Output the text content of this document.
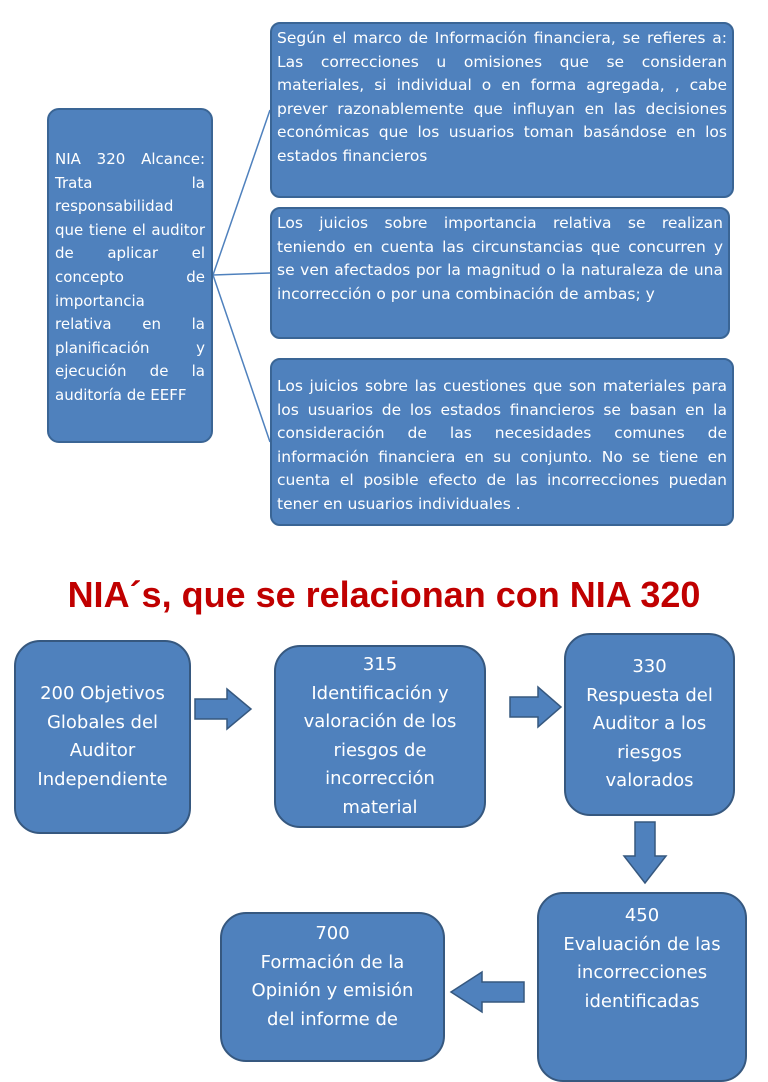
NIA 320 Alcance: Trata la responsabilidad que tiene el auditor de aplicar el concepto de importancia relativa en la planificación y ejecución de la auditoría de EEFF
Según el marco de Información financiera, se refieres a: Las correcciones u omisiones que se consideran materiales, si individual o en forma agregada, , cabe prever razonablemente que influyan en las decisiones económicas que los usuarios toman basándose en los estados financieros
Los juicios sobre importancia relativa se realizan teniendo en cuenta las circunstancias que concurren y se ven afectados por la magnitud o la naturaleza de una incorrección o por una combinación de ambas; y
Los juicios sobre las cuestiones que son materiales para los usuarios de los estados financieros se basan en la consideración de las necesidades comunes de información financiera en su conjunto. No se tiene en cuenta el posible efecto de las incorrecciones puedan tener en usuarios individuales .
NIA´s, que se relacionan con NIA 320
200 Objetivos
Globales del
Auditor
Independiente
315
Identificación y
valoración de los
riesgos de
incorrección
material
330
Respuesta del
Auditor a los
riesgos
valorados
450
Evaluación de las
incorrecciones
identificadas
700
Formación de la
Opinión y emisión
del informe de
